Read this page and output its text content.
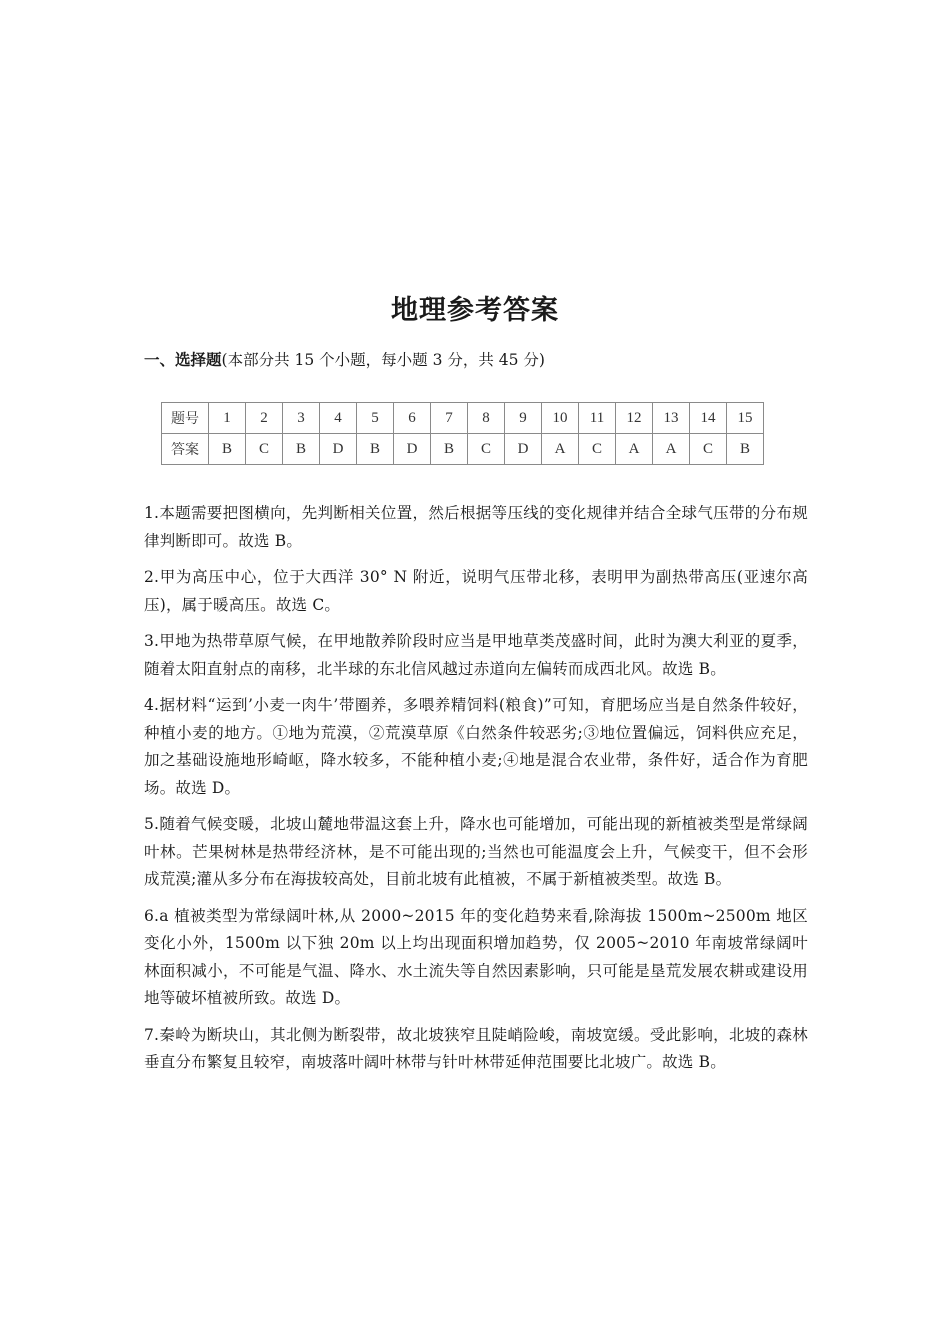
地理参考答案

一、选择题(本部分共 15 个小题，每小题 3 分，共 45 分)

题号	1	2	3	4	5	6	7	8	9	10	11	12	13	14	15
答案	B	C	B	D	B	D	B	C	D	A	C	A	A	C	B

1.本题需要把图横向，先判断相关位置，然后根据等压线的变化规律并结合全球气压带的分布规律判断即可。故选 B。

2.甲为高压中心，位于大西洋 30° N 附近，说明气压带北移，表明甲为副热带高压(亚速尔高压)，属于暖高压。故选 C。

3.甲地为热带草原气候，在甲地散养阶段时应当是甲地草类茂盛时间，此时为澳大利亚的夏季，随着太阳直射点的南移，北半球的东北信风越过赤道向左偏转而成西北风。故选 B。

4.据材料“运到’小麦一肉牛’带圈养，多喂养精饲料(粮食)”可知，育肥场应当是自然条件较好，种植小麦的地方。①地为荒漠，②荒漠草原《白然条件较恶劣;③地位置偏远，饲料供应充足，加之基础设施地形崎岖，降水较多，不能种植小麦;④地是混合农业带，条件好，适合作为育肥场。故选 D。

5.随着气候变暖，北坡山麓地带温这套上升，降水也可能增加，可能出现的新植被类型是常绿阔叶林。芒果树林是热带经济林，是不可能出现的;当然也可能温度会上升，气候变干，但不会形成荒漠;灌从多分布在海拔较高处，目前北坡有此植被，不属于新植被类型。故选 B。

6.a 植被类型为常绿阔叶林,从 2000~2015 年的变化趋势来看,除海拔 1500m~2500m 地区变化小外，1500m 以下独 20m 以上均出现面积增加趋势，仅 2005~2010 年南坡常绿阔叶林面积减小，不可能是气温、降水、水土流失等自然因素影响，只可能是垦荒发展农耕或建设用地等破坏植被所致。故选 D。

7.秦岭为断块山，其北侧为断裂带，故北坡狭窄且陡峭险峻，南坡宽缓。受此影响，北坡的森林垂直分布繁复且较窄，南坡落叶阔叶林带与针叶林带延伸范围要比北坡广。故选 B。
